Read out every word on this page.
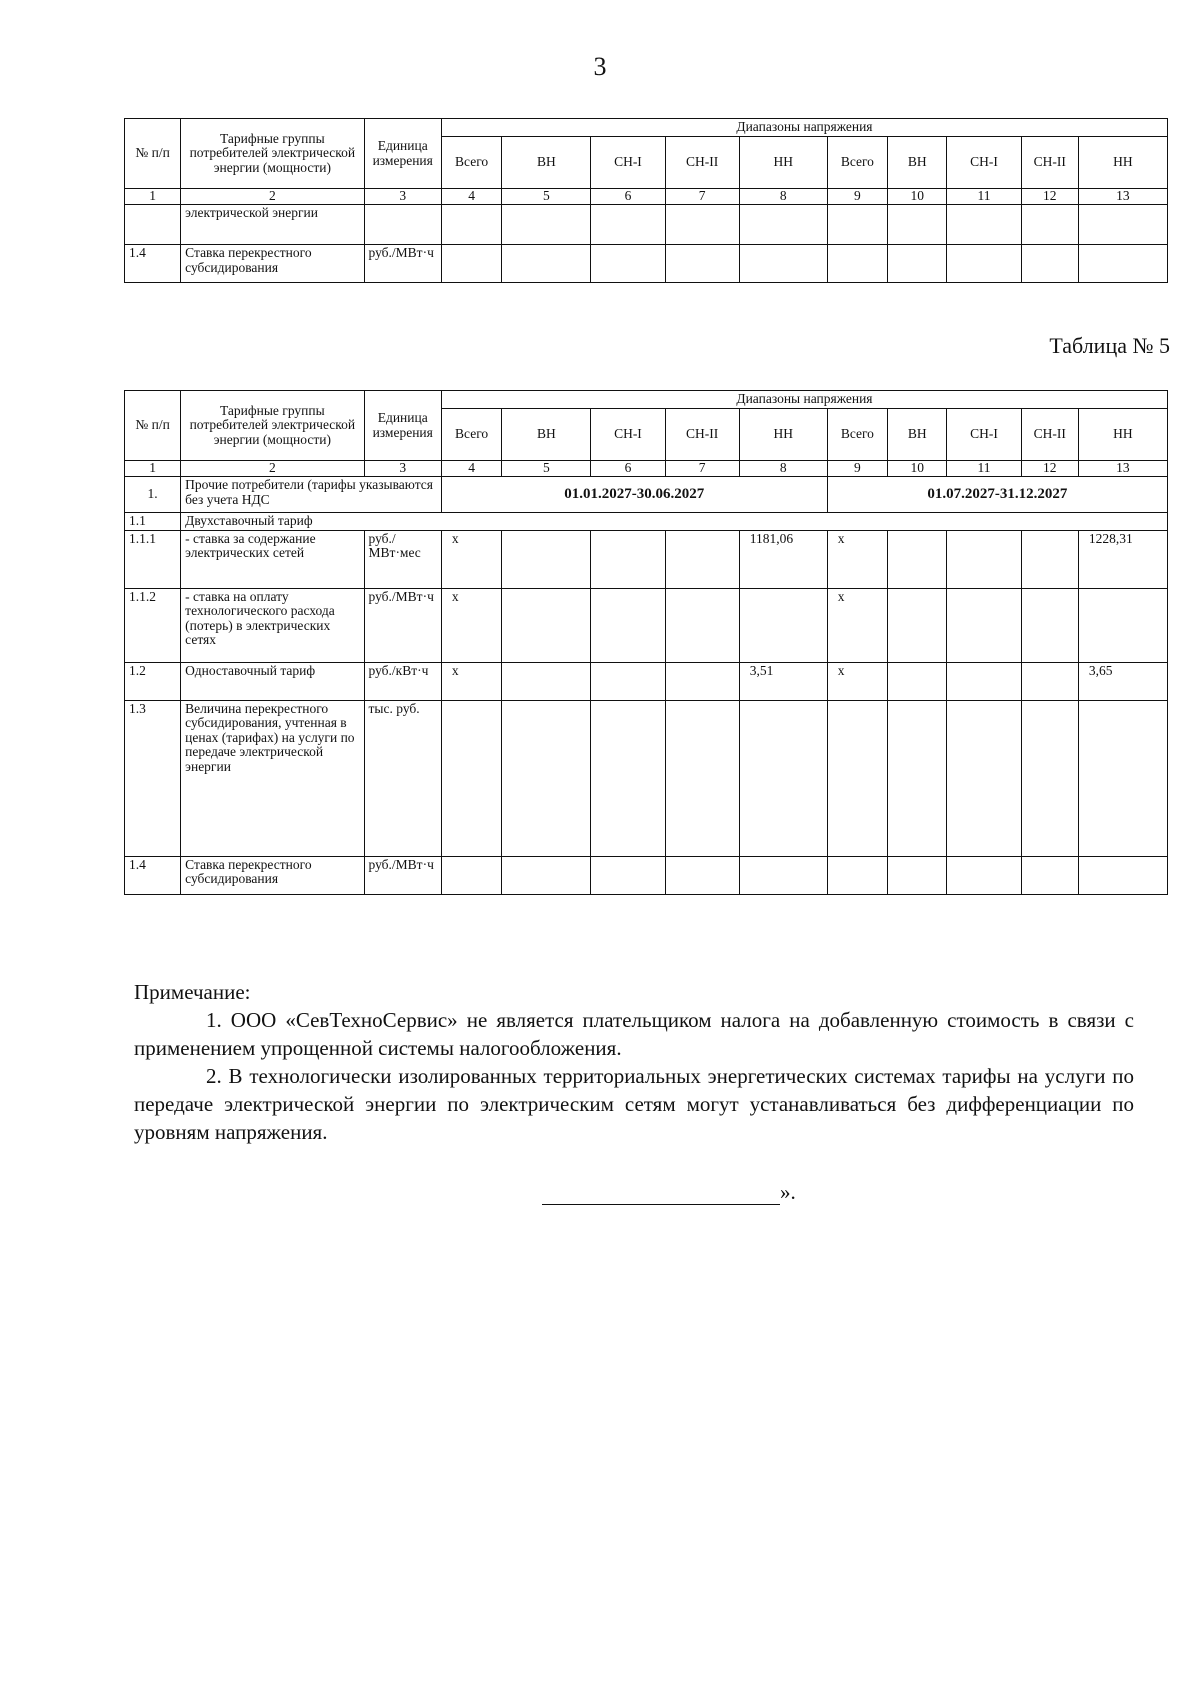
3
№ п/п	Тарифные группы потребителей электрической энергии (мощности)	Единица измерения	Диапазоны напряжения									
			Всего	ВН	СН-I	СН-II	НН	Всего	ВН	СН-I	СН-II	НН
1	2	3	4	5	6	7	8	9	10	11	12	13
	электрической энергии											
1.4	Ставка перекрестного субсидирования	руб./МВт·ч										
Таблица № 5
№ п/п	Тарифные группы потребителей электрической энергии (мощности)	Единица измерения	Диапазоны напряжения									
			Всего	ВН	СН-I	СН-II	НН	Всего	ВН	СН-I	СН-II	НН
1	2	3	4	5	6	7	8	9	10	11	12	13
1.	Прочие потребители (тарифы указываются без учета НДС		01.01.2027-30.06.2027					01.07.2027-31.12.2027				
1.1	Двухставочный тариф											
1.1.1	- ставка за содержание электрических сетей	руб./МВт·мес	х				1181,06	х				1228,31
1.1.2	- ставка на оплату технологического расхода (потерь) в электрических сетях	руб./МВт·ч	х					х				
1.2	Одноставочный тариф	руб./кВт·ч	х				3,51	х				3,65
1.3	Величина перекрестного субсидирования, учтенная в ценах (тарифах) на услуги по передаче электрической энергии	тыс. руб.										
1.4	Ставка перекрестного субсидирования	руб./МВт·ч										
Примечание:

1. ООО «СевТехноСервис» не является плательщиком налога на добавленную стоимость в связи с применением упрощенной системы налогообложения.

2. В технологически изолированных территориальных энергетических системах тарифы на услуги по передаче электрической энергии по электрическим сетям могут устанавливаться без дифференциации по уровням напряжения.

».
